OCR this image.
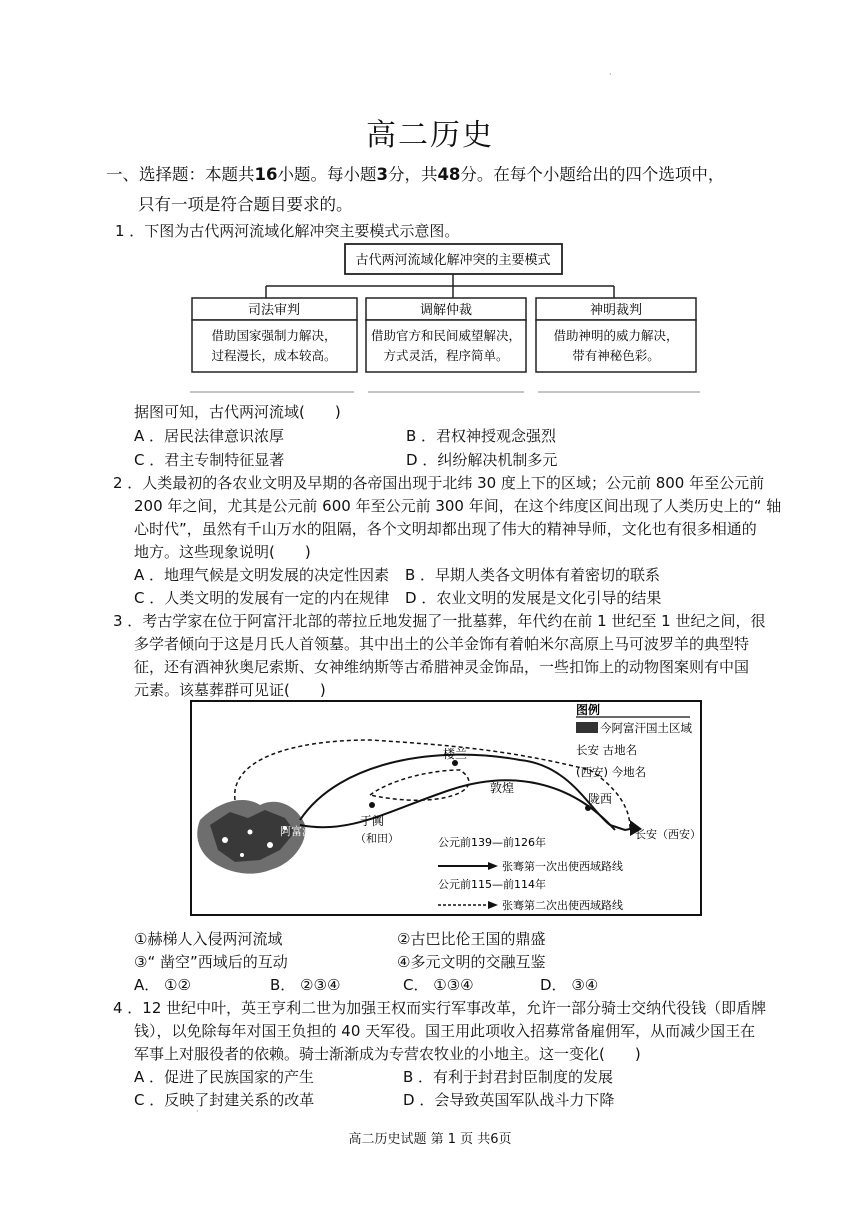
·
高二历史
一、选择题：本题共16小题。每小题3分，共48分。在每个小题给出的四个选项中，
只有一项是符合题目要求的。
1 ．下图为古代两河流域化解冲突主要模式示意图。
古代两河流域化解冲突的主要模式
司法审判
借助国家强制力解决，
过程漫长，成本较高。
调解仲裁
借助官方和民间威望解决，
方式灵活，程序简单。
神明裁判
借助神明的威力解决，
带有神秘色彩。
据图可知，古代两河流域(　　)
A ．居民法律意识浓厚	B ．君权神授观念强烈
C ．君主专制特征显著	D ．纠纷解决机制多元
2 ．人类最初的各农业文明及早期的各帝国出现于北纬 30 度上下的区域；公元前 800 年至公元前
200 年之间，尤其是公元前 600 年至公元前 300 年间，在这个纬度区间出现了人类历史上的“ 轴
心时代”，虽然有千山万水的阻隔，各个文明却都出现了伟大的精神导师，文化也有很多相通的
地方。这些现象说明(　　)
A ．地理气候是文明发展的决定性因素 B ．早期人类各文明体有着密切的联系
C ．人类文明的发展有一定的内在规律 D ．农业文明的发展是文化引导的结果
3 ．考古学家在位于阿富汗北部的蒂拉丘地发掘了一批墓葬，年代约在前 1 世纪至 1 世纪之间，很
多学者倾向于这是月氏人首领墓。其中出土的公羊金饰有着帕米尔高原上马可波罗羊的典型特
征，还有酒神狄奥尼索斯、女神维纳斯等古希腊神灵金饰品，一些扣饰上的动物图案则有中国
元素。该墓葬群可见证(　　)
阿富汗
楼兰
敦煌
陇西
长安（西安）
于阗
（和田）
图例
今阿富汗国土区域
长安 古地名
(西安) 今地名
公元前139—前126年
张骞第一次出使西域路线
公元前115—前114年
张骞第二次出使西域路线
①赫梯人入侵两河流域	②古巴比伦王国的鼎盛
③“ 凿空”西域后的互动	④多元文明的交融互鉴
A． ①②	B． ②③④	C． ①③④	D． ③④
4 ．12 世纪中叶，英王亨利二世为加强王权而实行军事改革，允许一部分骑士交纳代役钱（即盾牌
钱），以免除每年对国王负担的 40 天军役。国王用此项收入招募常备雇佣军，从而减少国王在
军事上对服役者的依赖。骑士渐渐成为专营农牧业的小地主。这一变化(　　)
A ．促进了民族国家的产生	B ．有利于封君封臣制度的发展
C ．反映了封建关系的改革	D ．会导致英国军队战斗力下降
·
高二历史试题 第 1 页 共6页
